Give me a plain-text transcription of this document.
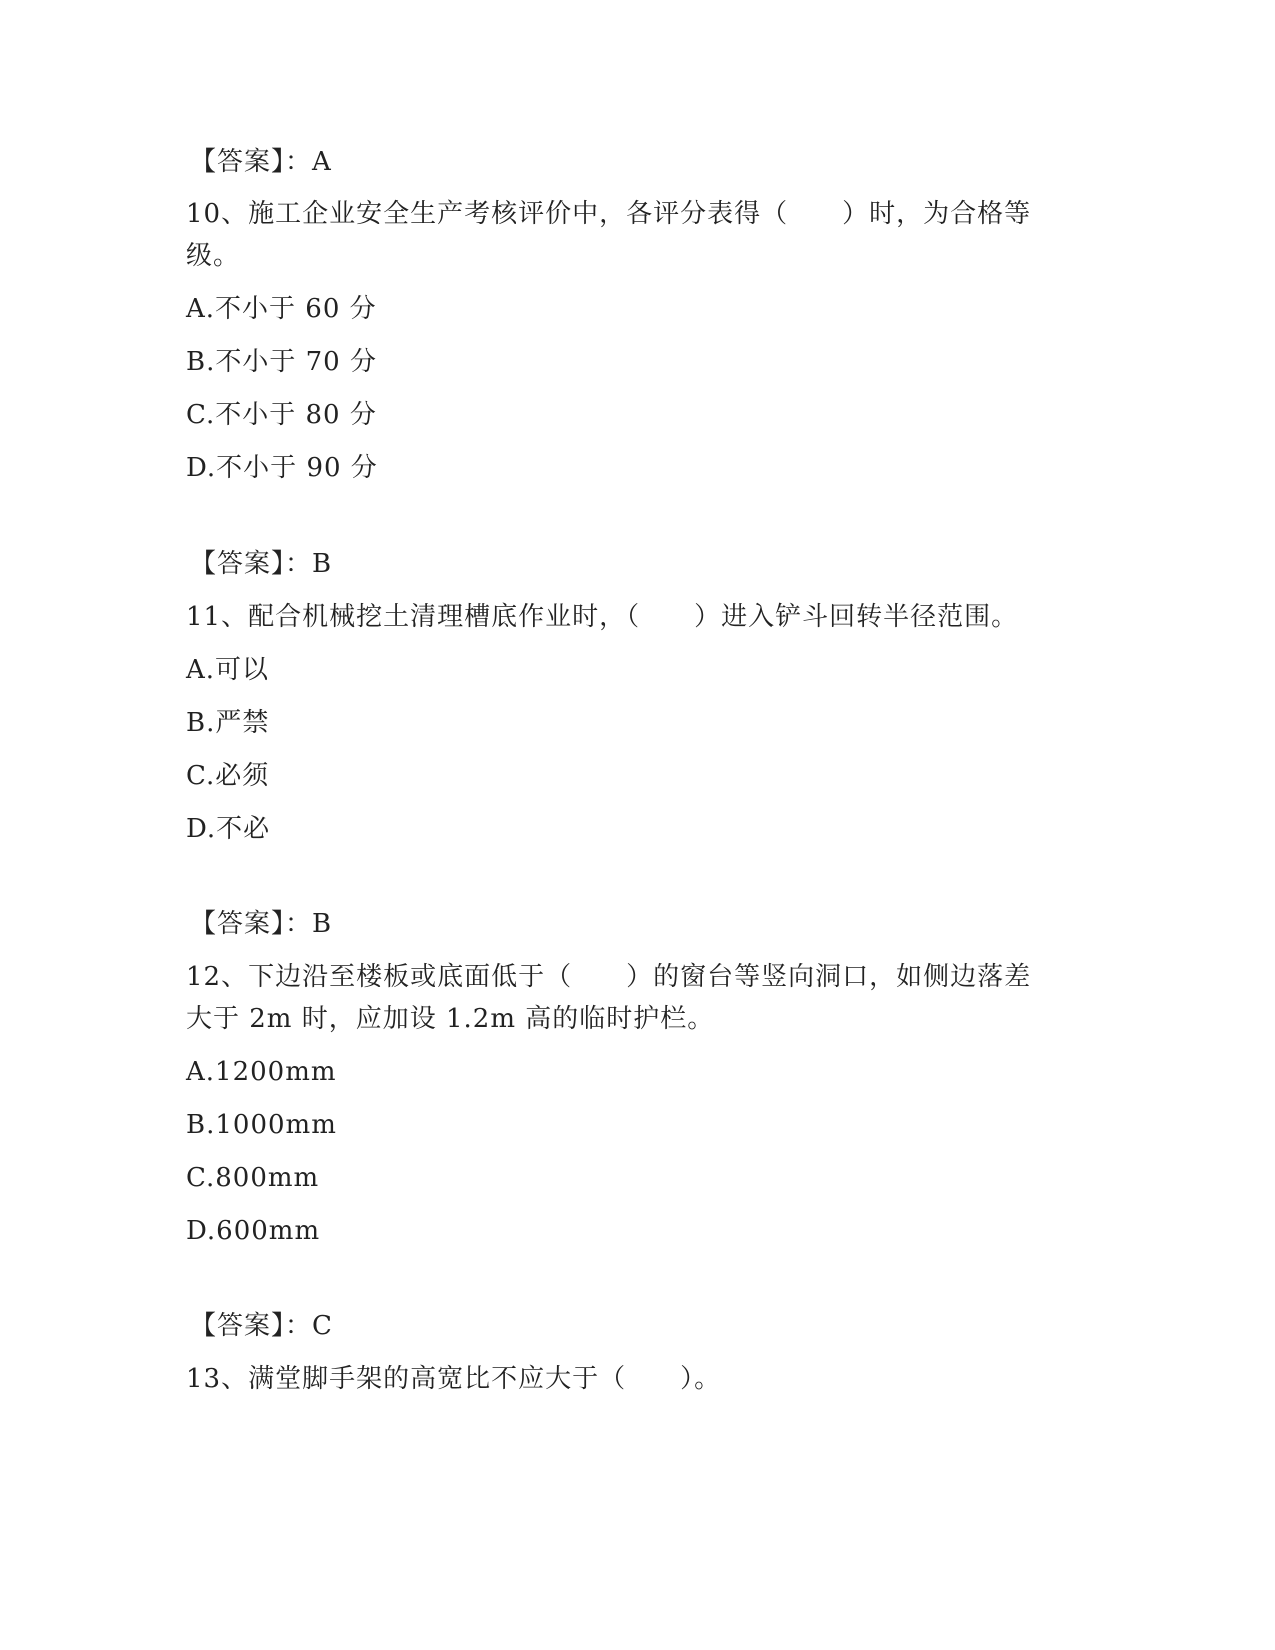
【答案】：A
10、施工企业安全生产考核评价中，各评分表得（　　）时，为合格等
级。
A.不小于 60 分
B.不小于 70 分
C.不小于 80 分
D.不小于 90 分
【答案】：B
11、配合机械挖土清理槽底作业时，（　　）进入铲斗回转半径范围。
A.可以
B.严禁
C.必须
D.不必
【答案】：B
12、下边沿至楼板或底面低于（　　）的窗台等竖向洞口，如侧边落差
大于 2m 时，应加设 1.2m 高的临时护栏。
A.1200mm
B.1000mm
C.800mm
D.600mm
【答案】：C
13、满堂脚手架的高宽比不应大于（　　）。
